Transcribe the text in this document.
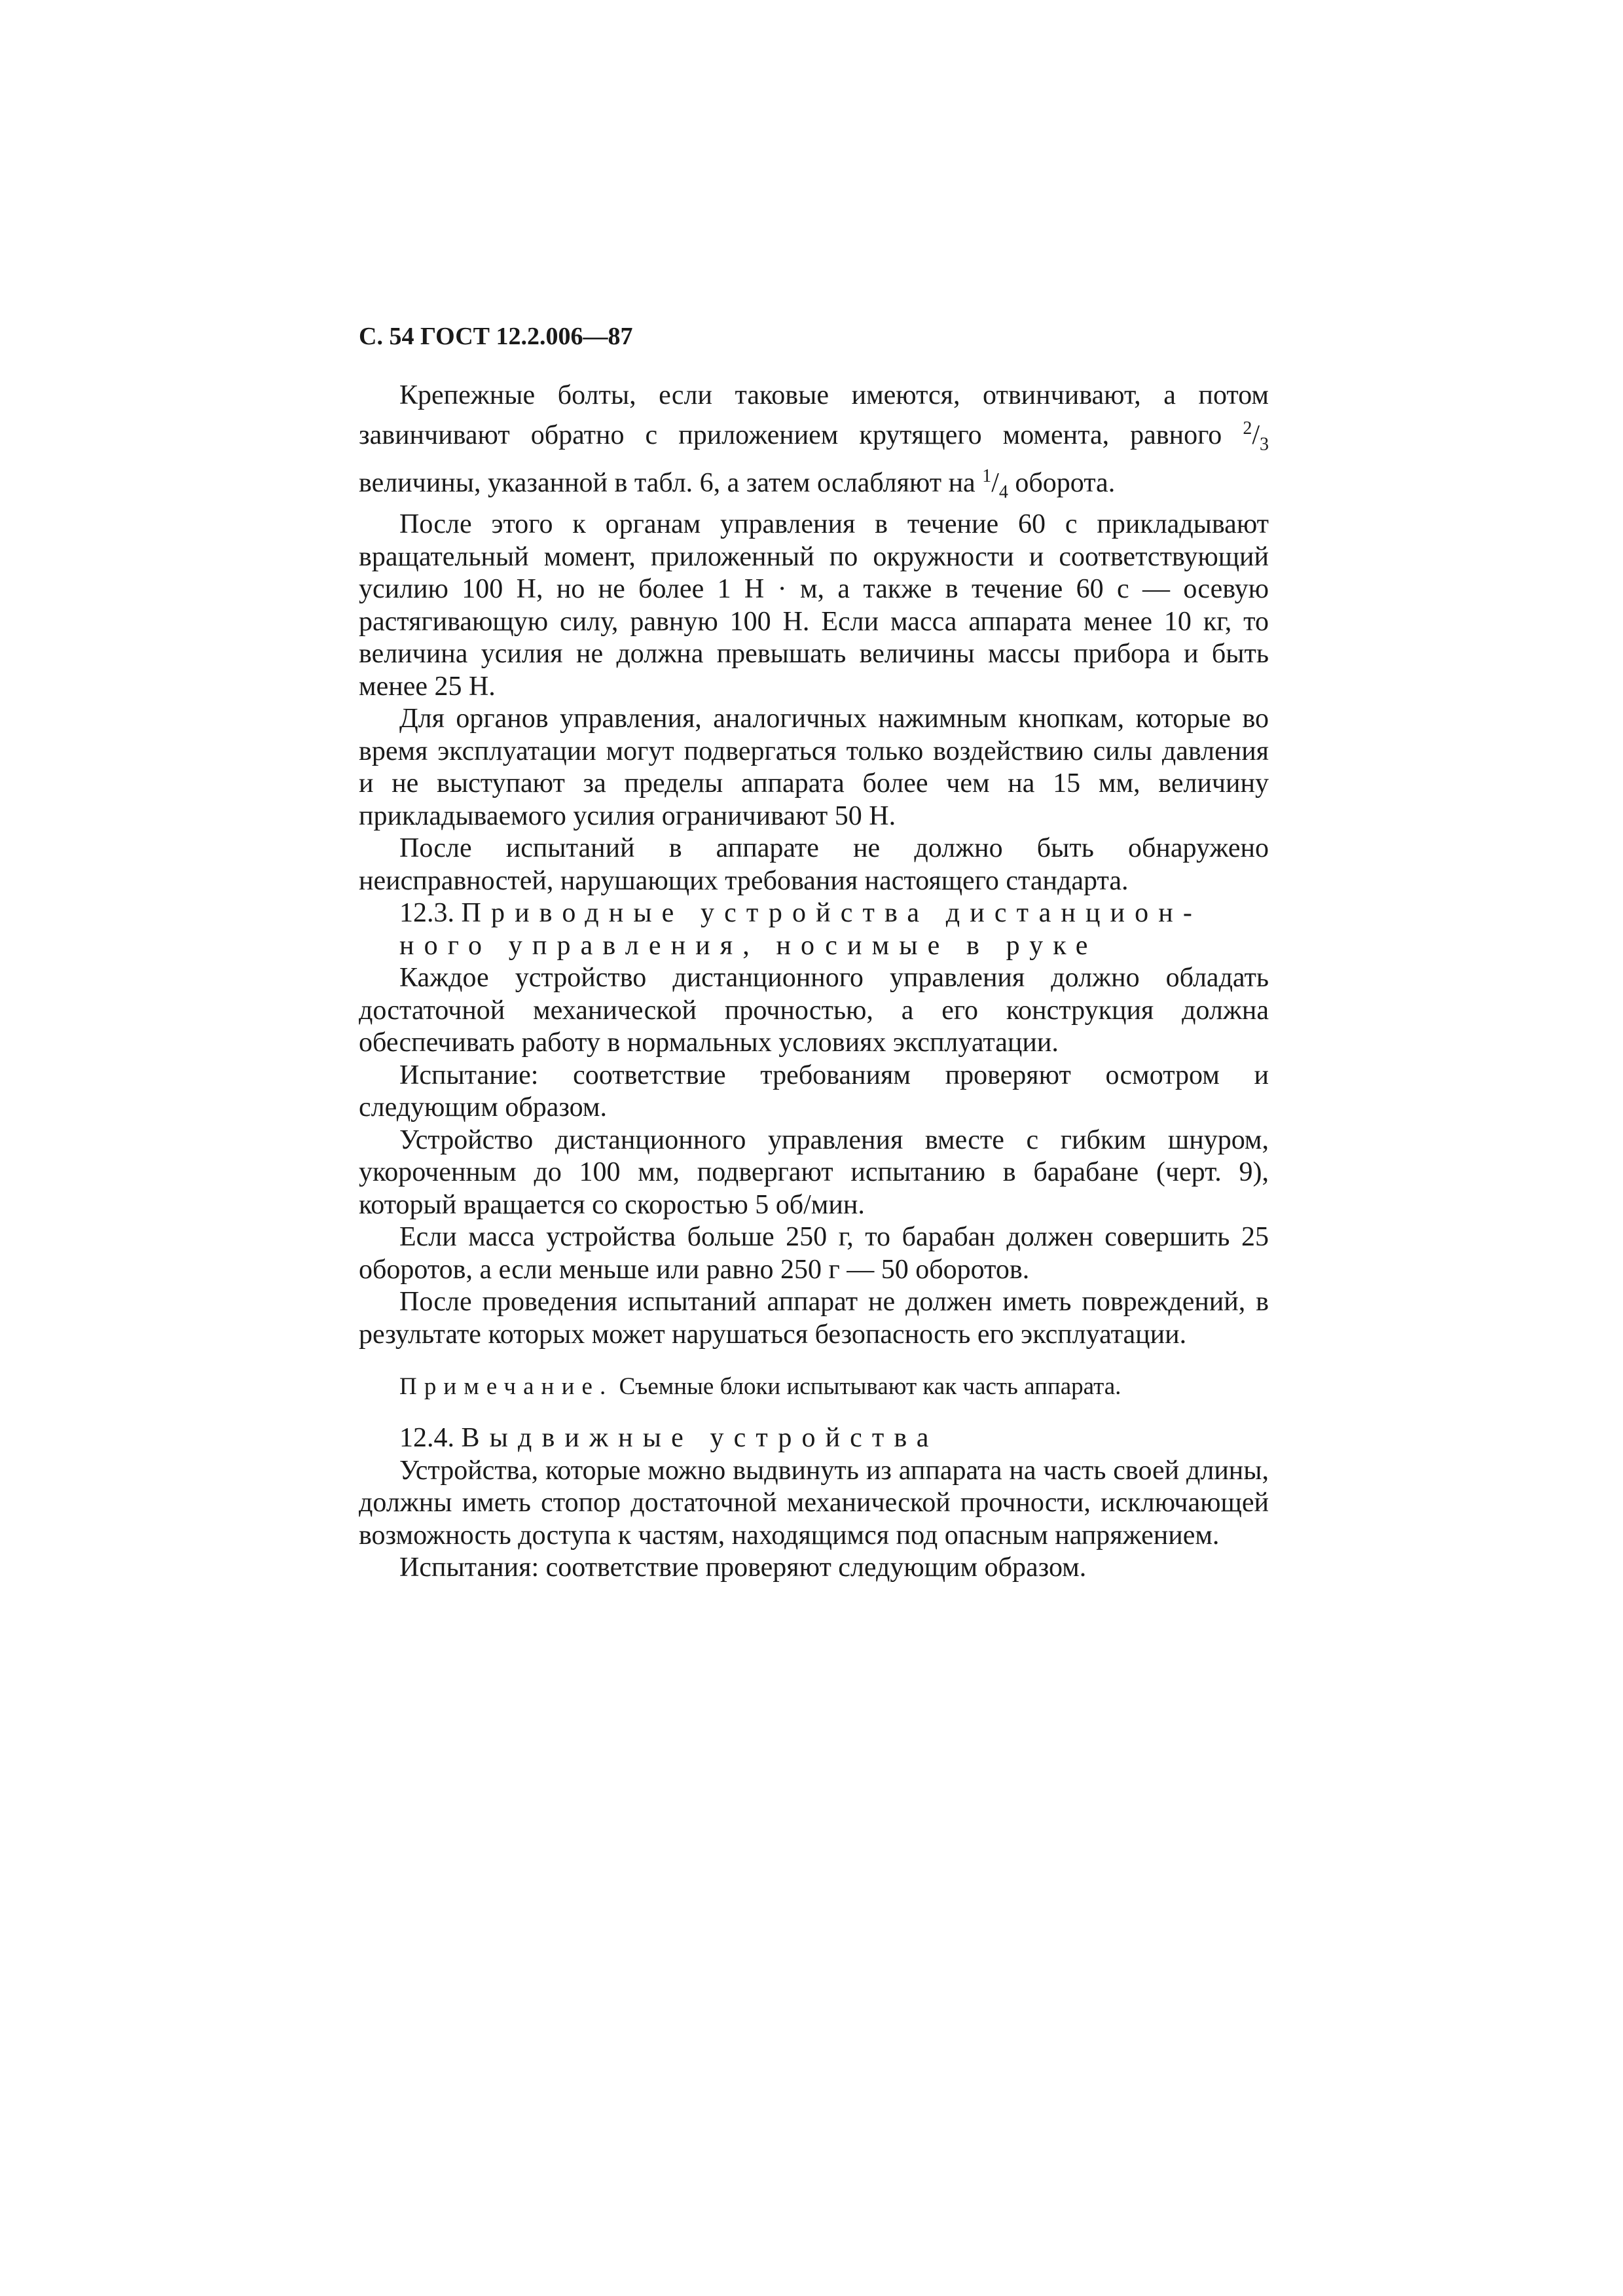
С. 54 ГОСТ 12.2.006—87

Крепежные болты, если таковые имеются, отвинчивают, а потом завинчивают обратно с приложением крутящего момента, равного $^2/_3$ величины, указанной в табл. 6, а затем ослабляют на $^1/_4$ оборота.

После этого к органам управления в течение 60 с прикладывают вращательный момент, приложенный по окружности и соответствующий усилию 100 Н, но не более 1 Н · м, а также в течение 60 с — осевую растягивающую силу, равную 100 Н. Если масса аппарата менее 10 кг, то величина усилия не должна превышать величины массы прибора и быть менее 25 Н.

Для органов управления, аналогичных нажимным кнопкам, которые во время эксплуатации могут подвергаться только воздействию силы давления и не выступают за пределы аппарата более чем на 15 мм, величину прикладываемого усилия ограничивают 50 Н.

После испытаний в аппарате не должно быть обнаружено неисправностей, нарушающих требования настоящего стандарта.

12.3. Приводные устройства дистанцион-

ного управления, носимые в руке

Каждое устройство дистанционного управления должно обладать достаточной механической прочностью, а его конструкция должна обеспечивать работу в нормальных условиях эксплуатации.

Испытание: соответствие требованиям проверяют осмотром и следующим образом.

Устройство дистанционного управления вместе с гибким шнуром, укороченным до 100 мм, подвергают испытанию в барабане (черт. 9), который вращается со скоростью 5 об/мин.

Если масса устройства больше 250 г, то барабан должен совершить 25 оборотов, а если меньше или равно 250 г — 50 оборотов.

После проведения испытаний аппарат не должен иметь повреждений, в результате которых может нарушаться безопасность его эксплуатации.

Примечание. Съемные блоки испытывают как часть аппарата.

12.4. Выдвижные устройства

Устройства, которые можно выдвинуть из аппарата на часть своей длины, должны иметь стопор достаточной механической прочности, исключающей возможность доступа к частям, находящимся под опасным напряжением.

Испытания: соответствие проверяют следующим образом.
